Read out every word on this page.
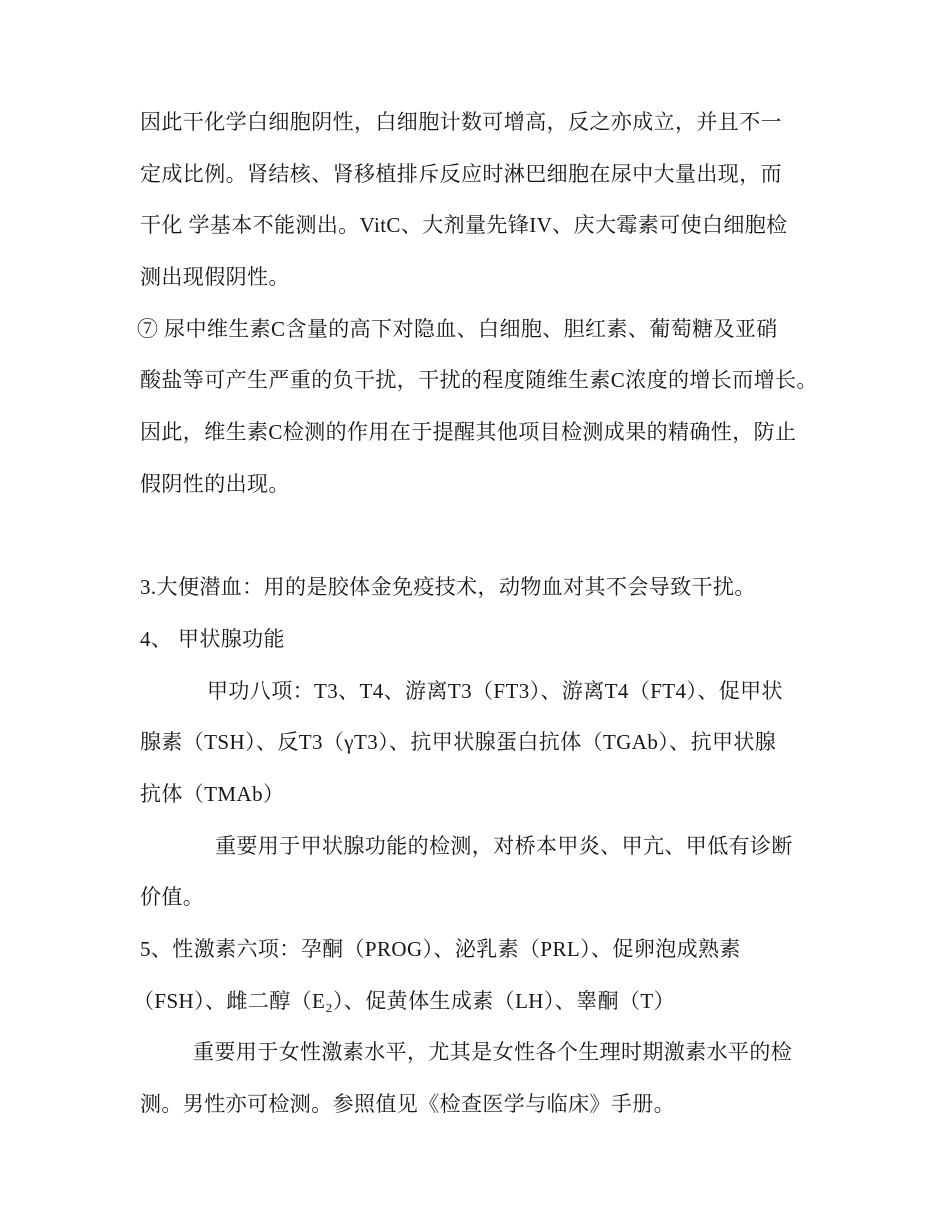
因此干化学白细胞阴性，白细胞计数可增高，反之亦成立，并且不一
定成比例。肾结核、肾移植排斥反应时淋巴细胞在尿中大量出现，而
干化 学基本不能测出。VitC、大剂量先锋IV、庆大霉素可使白细胞检
测出现假阴性。
⑦ 尿中维生素C含量的高下对隐血、白细胞、胆红素、葡萄糖及亚硝
酸盐等可产生严重的负干扰，干扰的程度随维生素C浓度的增长而增长。
因此，维生素C检测的作用在于提醒其他项目检测成果的精确性，防止
假阴性的出现。
3.大便潜血：用的是胶体金免疫技术，动物血对其不会导致干扰。
4、 甲状腺功能
甲功八项：T3、T4、游离T3（FT3）、游离T4（FT4）、促甲状
腺素（TSH）、反T3（γT3）、抗甲状腺蛋白抗体（TGAb）、抗甲状腺
抗体（TMAb）
重要用于甲状腺功能的检测，对桥本甲炎、甲亢、甲低有诊断
价值。
5、性激素六项：孕酮（PROG）、泌乳素（PRL）、促卵泡成熟素
（FSH）、雌二醇（E₂）、促黄体生成素（LH）、睾酮（T）
重要用于女性激素水平，尤其是女性各个生理时期激素水平的检
测。男性亦可检测。参照值见《检查医学与临床》手册。
